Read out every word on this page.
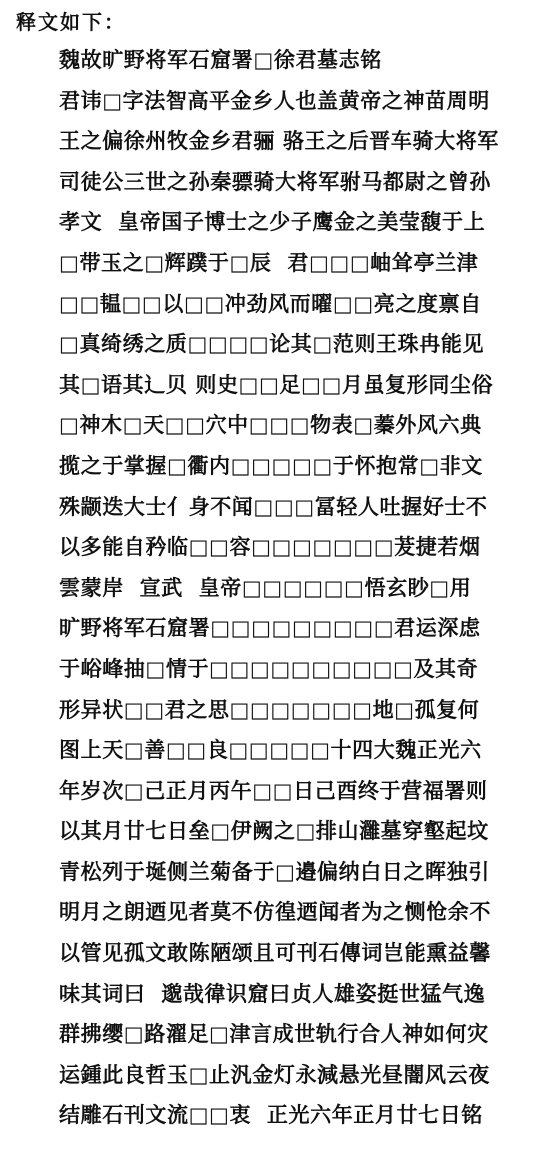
释文如下：
魏故旷野将军石窟署□徐君墓志铭
君讳□字法智高平金乡人也盖黄帝之神苗周明
王之偏徐州牧金乡君骊 骆王之后晋车骑大将军
司徒公三世之孙秦骠骑大将军驸马都尉之曾孙
孝文  皇帝国子博士之少子鹰金之美莹馥于上
□带玉之□辉蹼于□辰  君□□□岫耸亭兰津
□□韫□□以□□冲劲风而曜□□亮之度禀自
□真绮绣之质□□□□论其□范则王珠冉能见
其□语其辶贝 则史□□足□□月虽复形同尘俗
□神木□天□□穴中□□□物表□蓁外风六典
揽之于掌握□衢内□□□□□于怀抱常□非文
殊颛迭大士亻身不闻□□□冨轻人吐握好士不
以多能自矜临□□容□□□□□□□茇捷若烟
雲蒙岸  宣武  皇帝□□□□□□悟玄眇□用
旷野将军石窟署□□□□□□□□□君运深虑
于峪峰抽□情于□□□□□□□□□□及其奇
形异状□□君之思□□□□□□□地□孤复何
图上天□善□□良□□□□□十四大魏正光六
年岁次□己正月丙午□□日己酉终于营福署则
以其月廿七日垒□伊阙之□排山灉墓穿壑起坟
青松列于埏侧兰菊备于□邉偏纳白日之晖独引
明月之朗迺见者莫不仿徨迺闻者为之恻怆余不
以管见孤文敢陈陋颂且可刊石傳词岂能熏益馨
味其词曰  邈哉徫识窟曰贞人雄姿挺世猛气逸
群拂缨□路濯足□津言成世轨行合人神如何灾
运鍾此良哲玉□止汎金灯永減悬光昼闇风云夜
结雕石刊文流□□衷  正光六年正月廿七日铭
